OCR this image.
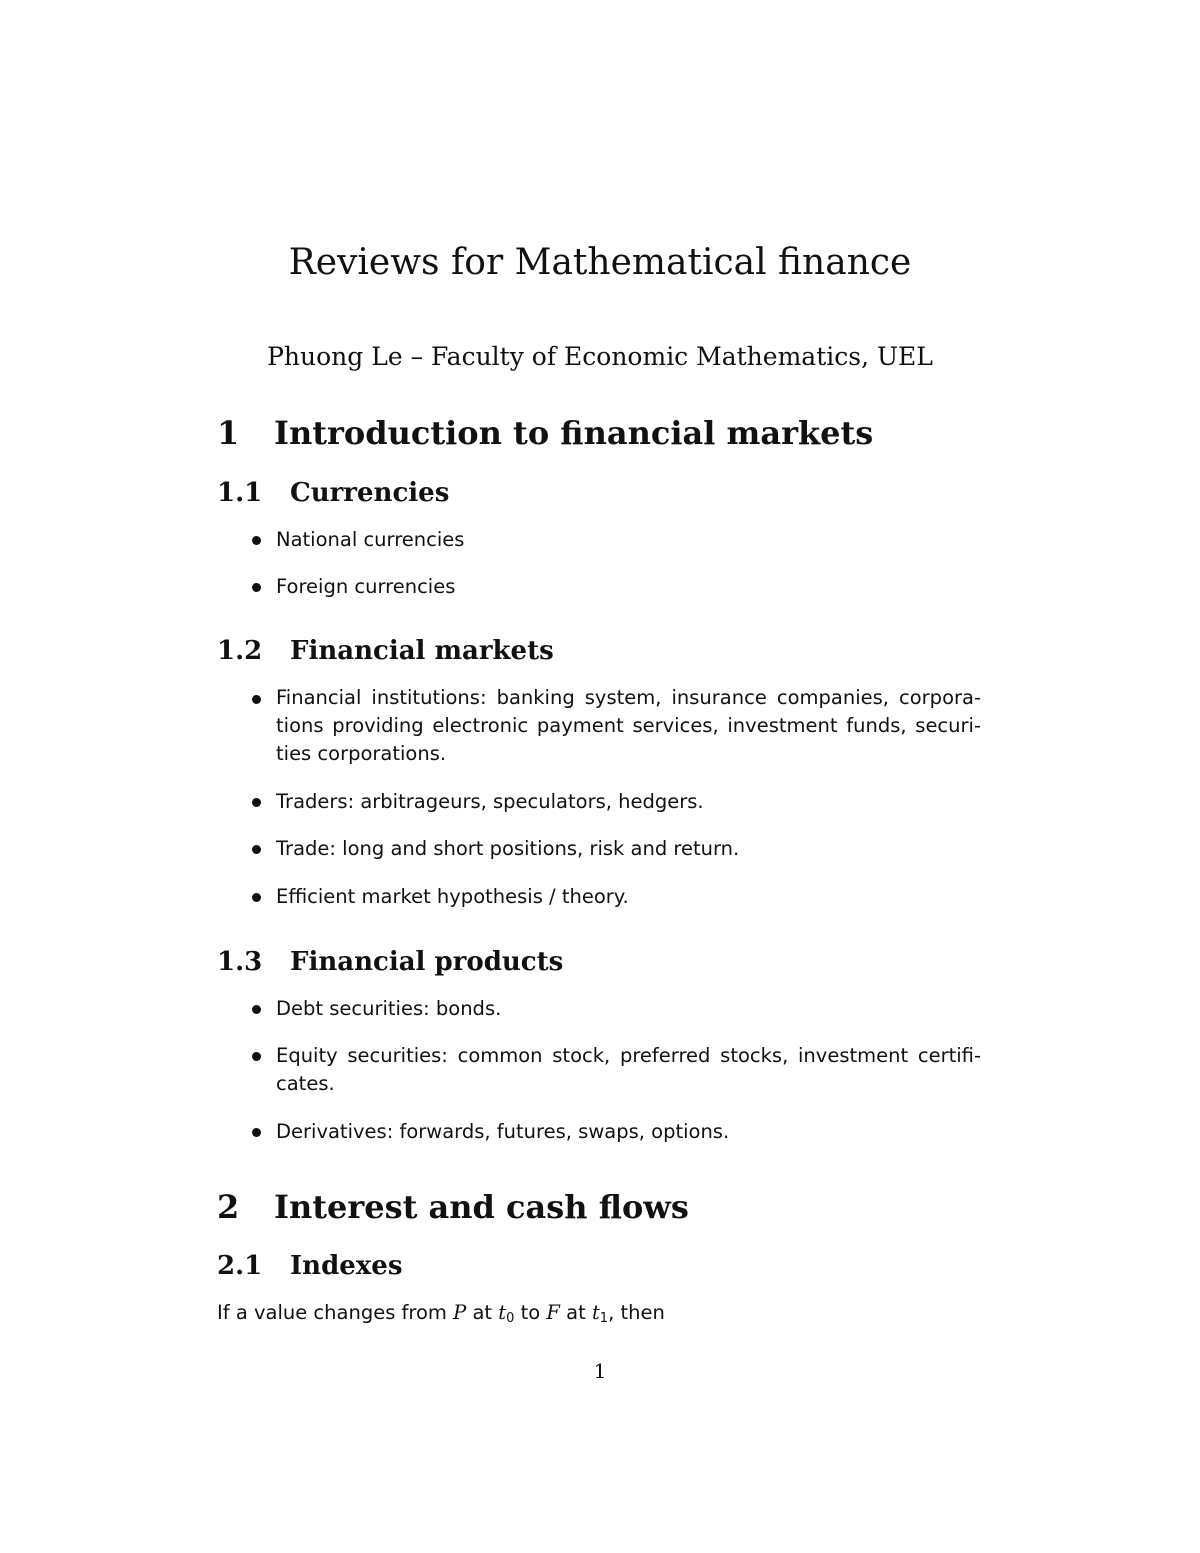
Reviews for Mathematical finance
Phuong Le – Faculty of Economic Mathematics, UEL
1 Introduction to financial markets
1.1 Currencies
National currencies
Foreign currencies
1.2 Financial markets
Financial institutions: banking system, insurance companies, corpora-
tions providing electronic payment services, investment funds, securi-
ties corporations.
Traders: arbitrageurs, speculators, hedgers.
Trade: long and short positions, risk and return.
Efficient market hypothesis / theory.
1.3 Financial products
Debt securities: bonds.
Equity securities: common stock, preferred stocks, investment certifi-
cates.
Derivatives: forwards, futures, swaps, options.
2 Interest and cash flows
2.1 Indexes
If a value changes from P at $t_0$ to F at $t_1$, then
1
